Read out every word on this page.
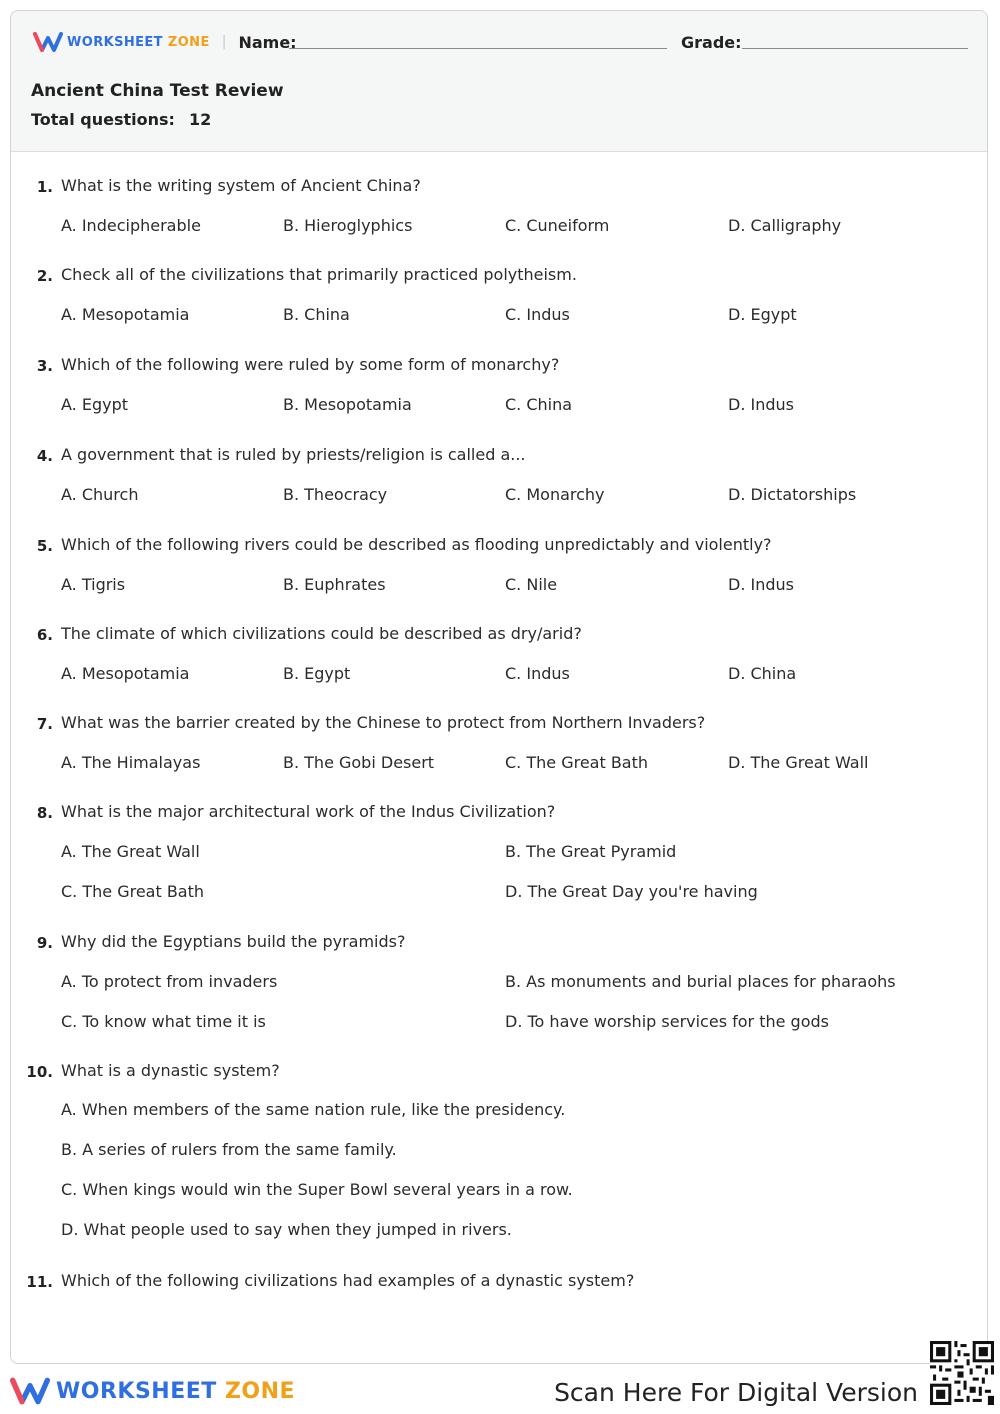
WORKSHEET ZONE | Name:	Grade:
Ancient China Test Review
Total questions: 12
1. What is the writing system of Ancient China?
A. Indecipherable	B. Hieroglyphics	C. Cuneiform	D. Calligraphy
2. Check all of the civilizations that primarily practiced polytheism.
A. Mesopotamia	B. China	C. Indus	D. Egypt
3. Which of the following were ruled by some form of monarchy?
A. Egypt	B. Mesopotamia	C. China	D. Indus
4. A government that is ruled by priests/religion is called a...
A. Church	B. Theocracy	C. Monarchy	D. Dictatorships
5. Which of the following rivers could be described as flooding unpredictably and violently?
A. Tigris	B. Euphrates	C. Nile	D. Indus
6. The climate of which civilizations could be described as dry/arid?
A. Mesopotamia	B. Egypt	C. Indus	D. China
7. What was the barrier created by the Chinese to protect from Northern Invaders?
A. The Himalayas	B. The Gobi Desert	C. The Great Bath	D. The Great Wall
8. What is the major architectural work of the Indus Civilization?
A. The Great Wall	B. The Great Pyramid
C. The Great Bath	D. The Great Day you're having
9. Why did the Egyptians build the pyramids?
A. To protect from invaders	B. As monuments and burial places for pharaohs
C. To know what time it is	D. To have worship services for the gods
10. What is a dynastic system?
A. When members of the same nation rule, like the presidency.
B. A series of rulers from the same family.
C. When kings would win the Super Bowl several years in a row.
D. What people used to say when they jumped in rivers.
11. Which of the following civilizations had examples of a dynastic system?
WORKSHEET ZONE	Scan Here For Digital Version
